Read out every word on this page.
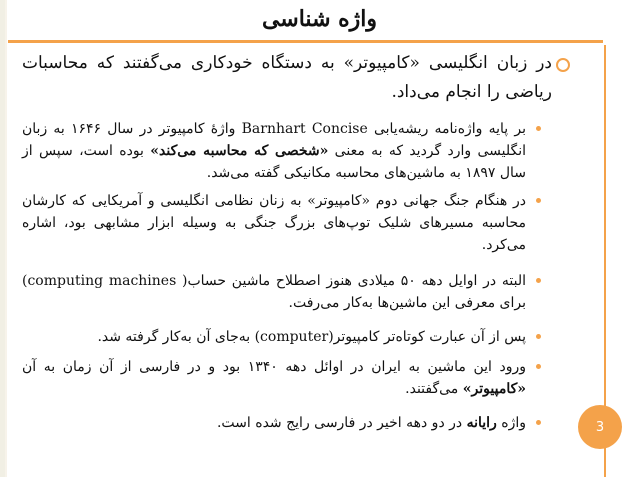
واژه شناسی
در زبان انگلیسی «کامپیوتر» به دستگاه خودکاری می‌گفتند که محاسبات ریاضی را انجام می‌داد.
بر پایه واژه‌نامه ریشه‌یابی Barnhart Concise واژهٔ کامپیوتر در سال ۱۶۴۶ به زبان انگلیسی وارد گردید که به معنی «شخصی که محاسبه می‌کند» بوده است، سپس از سال ۱۸۹۷ به ماشین‌های محاسبه مکانیکی گفته می‌شد.
در هنگام جنگ جهانی دوم «کامپیوتر» به زنان نظامی انگلیسی و آمریکایی که کارشان محاسبه مسیرهای شلیک توپ‌های بزرگ جنگی به وسیله ابزار مشابهی بود، اشاره می‌کرد.
البته در اوایل دهه ۵۰ میلادی هنوز اصطلاح ماشین حساب( computing machines) برای معرفی این ماشین‌ها به‌کار می‌رفت.
پس از آن عبارت کوتاه‌تر کامپیوتر(computer) به‌جای آن به‌کار گرفته شد.
ورود این ماشین به ایران در اوائل دهه ۱۳۴۰ بود و در فارسی از آن زمان به آن «کامپیوتر» می‌گفتند.
واژه رایانه در دو دهه اخیر در فارسی رایج شده است.	3
